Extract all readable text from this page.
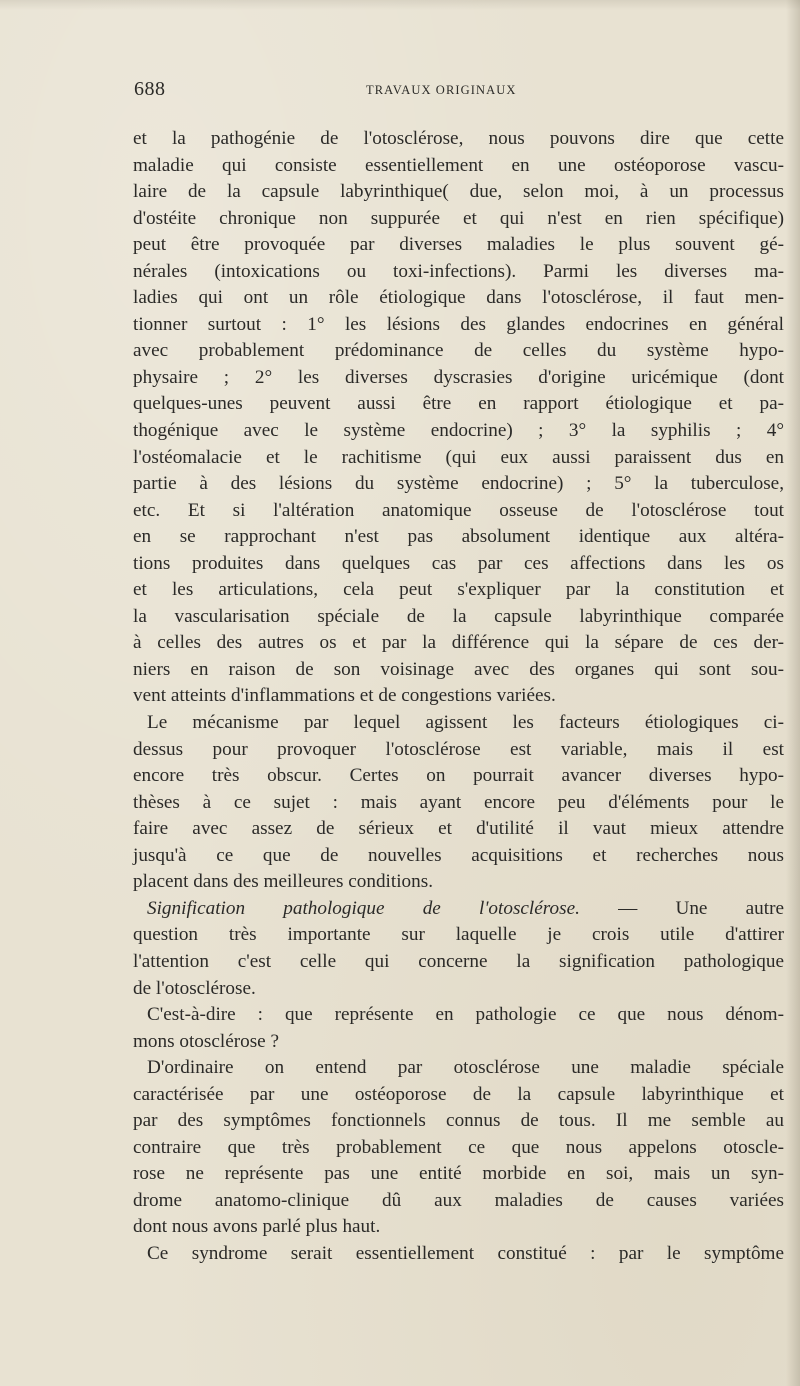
688	TRAVAUX ORIGINAUX
et la pathogénie de l'otosclérose, nous pouvons dire que cette
maladie qui consiste essentiellement en une ostéoporose vascu-
laire de la capsule labyrinthique( due, selon moi, à un processus
d'ostéite chronique non suppurée et qui n'est en rien spécifique)
peut être provoquée par diverses maladies le plus souvent gé-
nérales (intoxications ou toxi-infections). Parmi les diverses ma-
ladies qui ont un rôle étiologique dans l'otosclérose, il faut men-
tionner surtout : 1° les lésions des glandes endocrines en général
avec probablement prédominance de celles du système hypo-
physaire ; 2° les diverses dyscrasies d'origine uricémique (dont
quelques-unes peuvent aussi être en rapport étiologique et pa-
thogénique avec le système endocrine) ; 3° la syphilis ; 4°
l'ostéomalacie et le rachitisme (qui eux aussi paraissent dus en
partie à des lésions du système endocrine) ; 5° la tuberculose,
etc. Et si l'altération anatomique osseuse de l'otosclérose tout
en se rapprochant n'est pas absolument identique aux altéra-
tions produites dans quelques cas par ces affections dans les os
et les articulations, cela peut s'expliquer par la constitution et
la vascularisation spéciale de la capsule labyrinthique comparée
à celles des autres os et par la différence qui la sépare de ces der-
niers en raison de son voisinage avec des organes qui sont sou-
vent atteints d'inflammations et de congestions variées.
Le mécanisme par lequel agissent les facteurs étiologiques ci-
dessus pour provoquer l'otosclérose est variable, mais il est
encore très obscur. Certes on pourrait avancer diverses hypo-
thèses à ce sujet : mais ayant encore peu d'éléments pour le
faire avec assez de sérieux et d'utilité il vaut mieux attendre
jusqu'à ce que de nouvelles acquisitions et recherches nous
placent dans des meilleures conditions.
Signification pathologique de l'otosclérose. — Une autre
question très importante sur laquelle je crois utile d'attirer
l'attention c'est celle qui concerne la signification pathologique
de l'otosclérose.
C'est-à-dire : que représente en pathologie ce que nous dénom-
mons otosclérose ?
D'ordinaire on entend par otosclérose une maladie spéciale
caractérisée par une ostéoporose de la capsule labyrinthique et
par des symptômes fonctionnels connus de tous. Il me semble au
contraire que très probablement ce que nous appelons otoscle-
rose ne représente pas une entité morbide en soi, mais un syn-
drome anatomo-clinique dû aux maladies de causes variées
dont nous avons parlé plus haut.
Ce syndrome serait essentiellement constitué : par le symptôme
